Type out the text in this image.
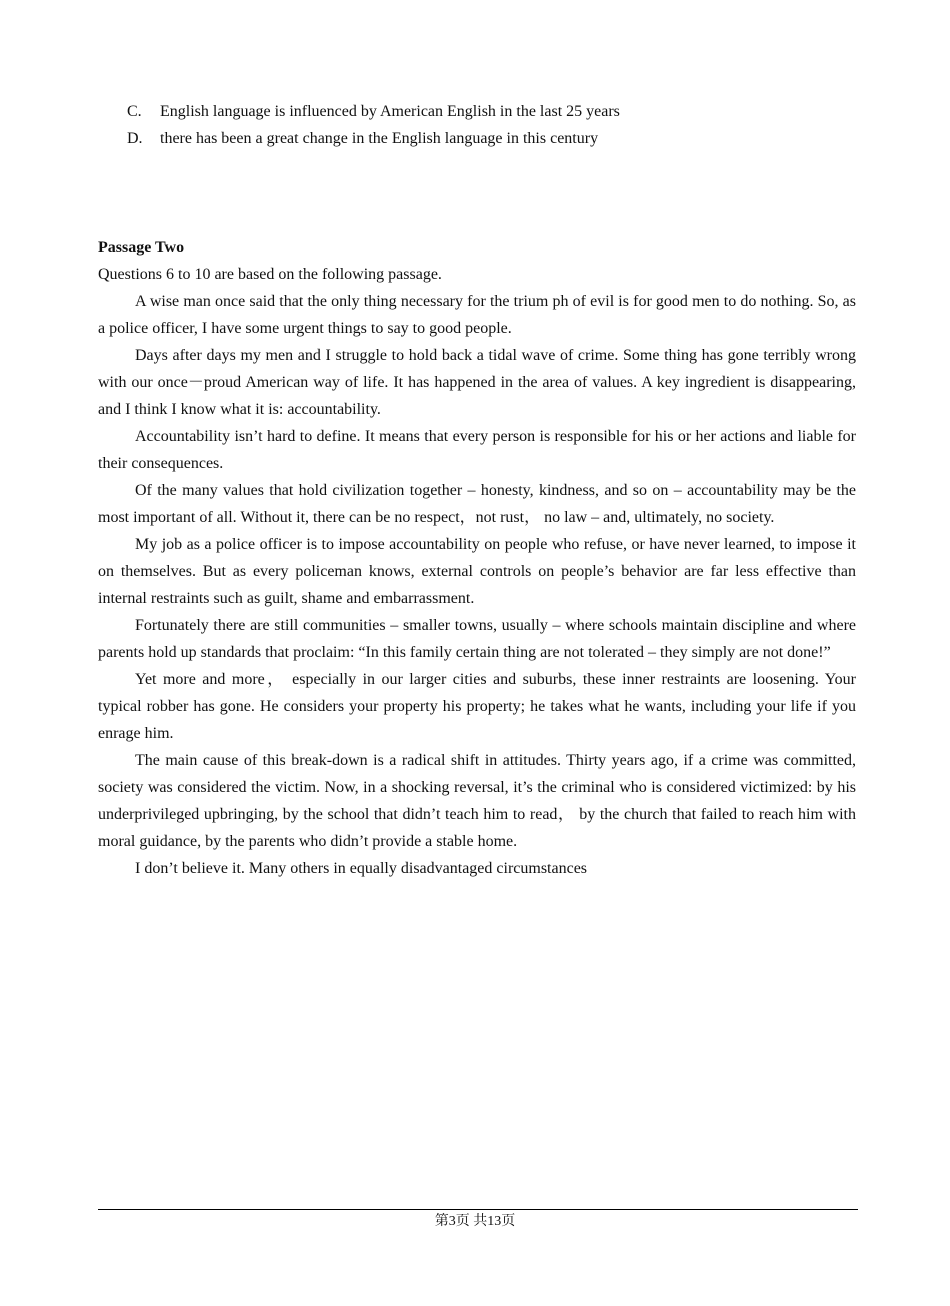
C.	English language is influenced by American English in the last 25 years
D.	there has been a great change in the English language in this century

Passage Two

Questions 6 to 10 are based on the following passage.

A wise man once said that the only thing necessary for the trium ph of evil is for good men to do nothing. So, as a police officer, I have some urgent things to say to good people.

Days after days my men and I struggle to hold back a tidal wave of crime. Some thing has gone terribly wrong with our once－proud American way of life. It has happened in the area of values. A key ingredient is disappearing, and I think I know what it is: accountability.

Accountability isn’t hard to define. It means that every person is responsible for his or her actions and liable for their consequences.

Of the many values that hold civilization together – honesty, kindness, and so on – accountability may be the most important of all. Without it, there can be no respect，not rust， no law – and, ultimately, no society.

My job as a police officer is to impose accountability on people who refuse, or have never learned, to impose it on themselves. But as every policeman knows, external controls on people’s behavior are far less effective than internal restraints such as guilt, shame and embarrassment.

Fortunately there are still communities – smaller towns, usually – where schools maintain discipline and where parents hold up standards that proclaim: “In this family certain thing are not tolerated – they simply are not done!”

Yet more and more， especially in our larger cities and suburbs, these inner restraints are loosening. Your typical robber has gone. He considers your property his property; he takes what he wants, including your life if you enrage him.

The main cause of this break-down is a radical shift in attitudes. Thirty years ago, if a crime was committed, society was considered the victim. Now, in a shocking reversal, it’s the criminal who is considered victimized: by his underprivileged upbringing, by the school that didn’t teach him to read， by the church that failed to reach him with moral guidance, by the parents who didn’t provide a stable home.

I don’t believe it. Many others in equally disadvantaged circumstances

第3页 共13页
